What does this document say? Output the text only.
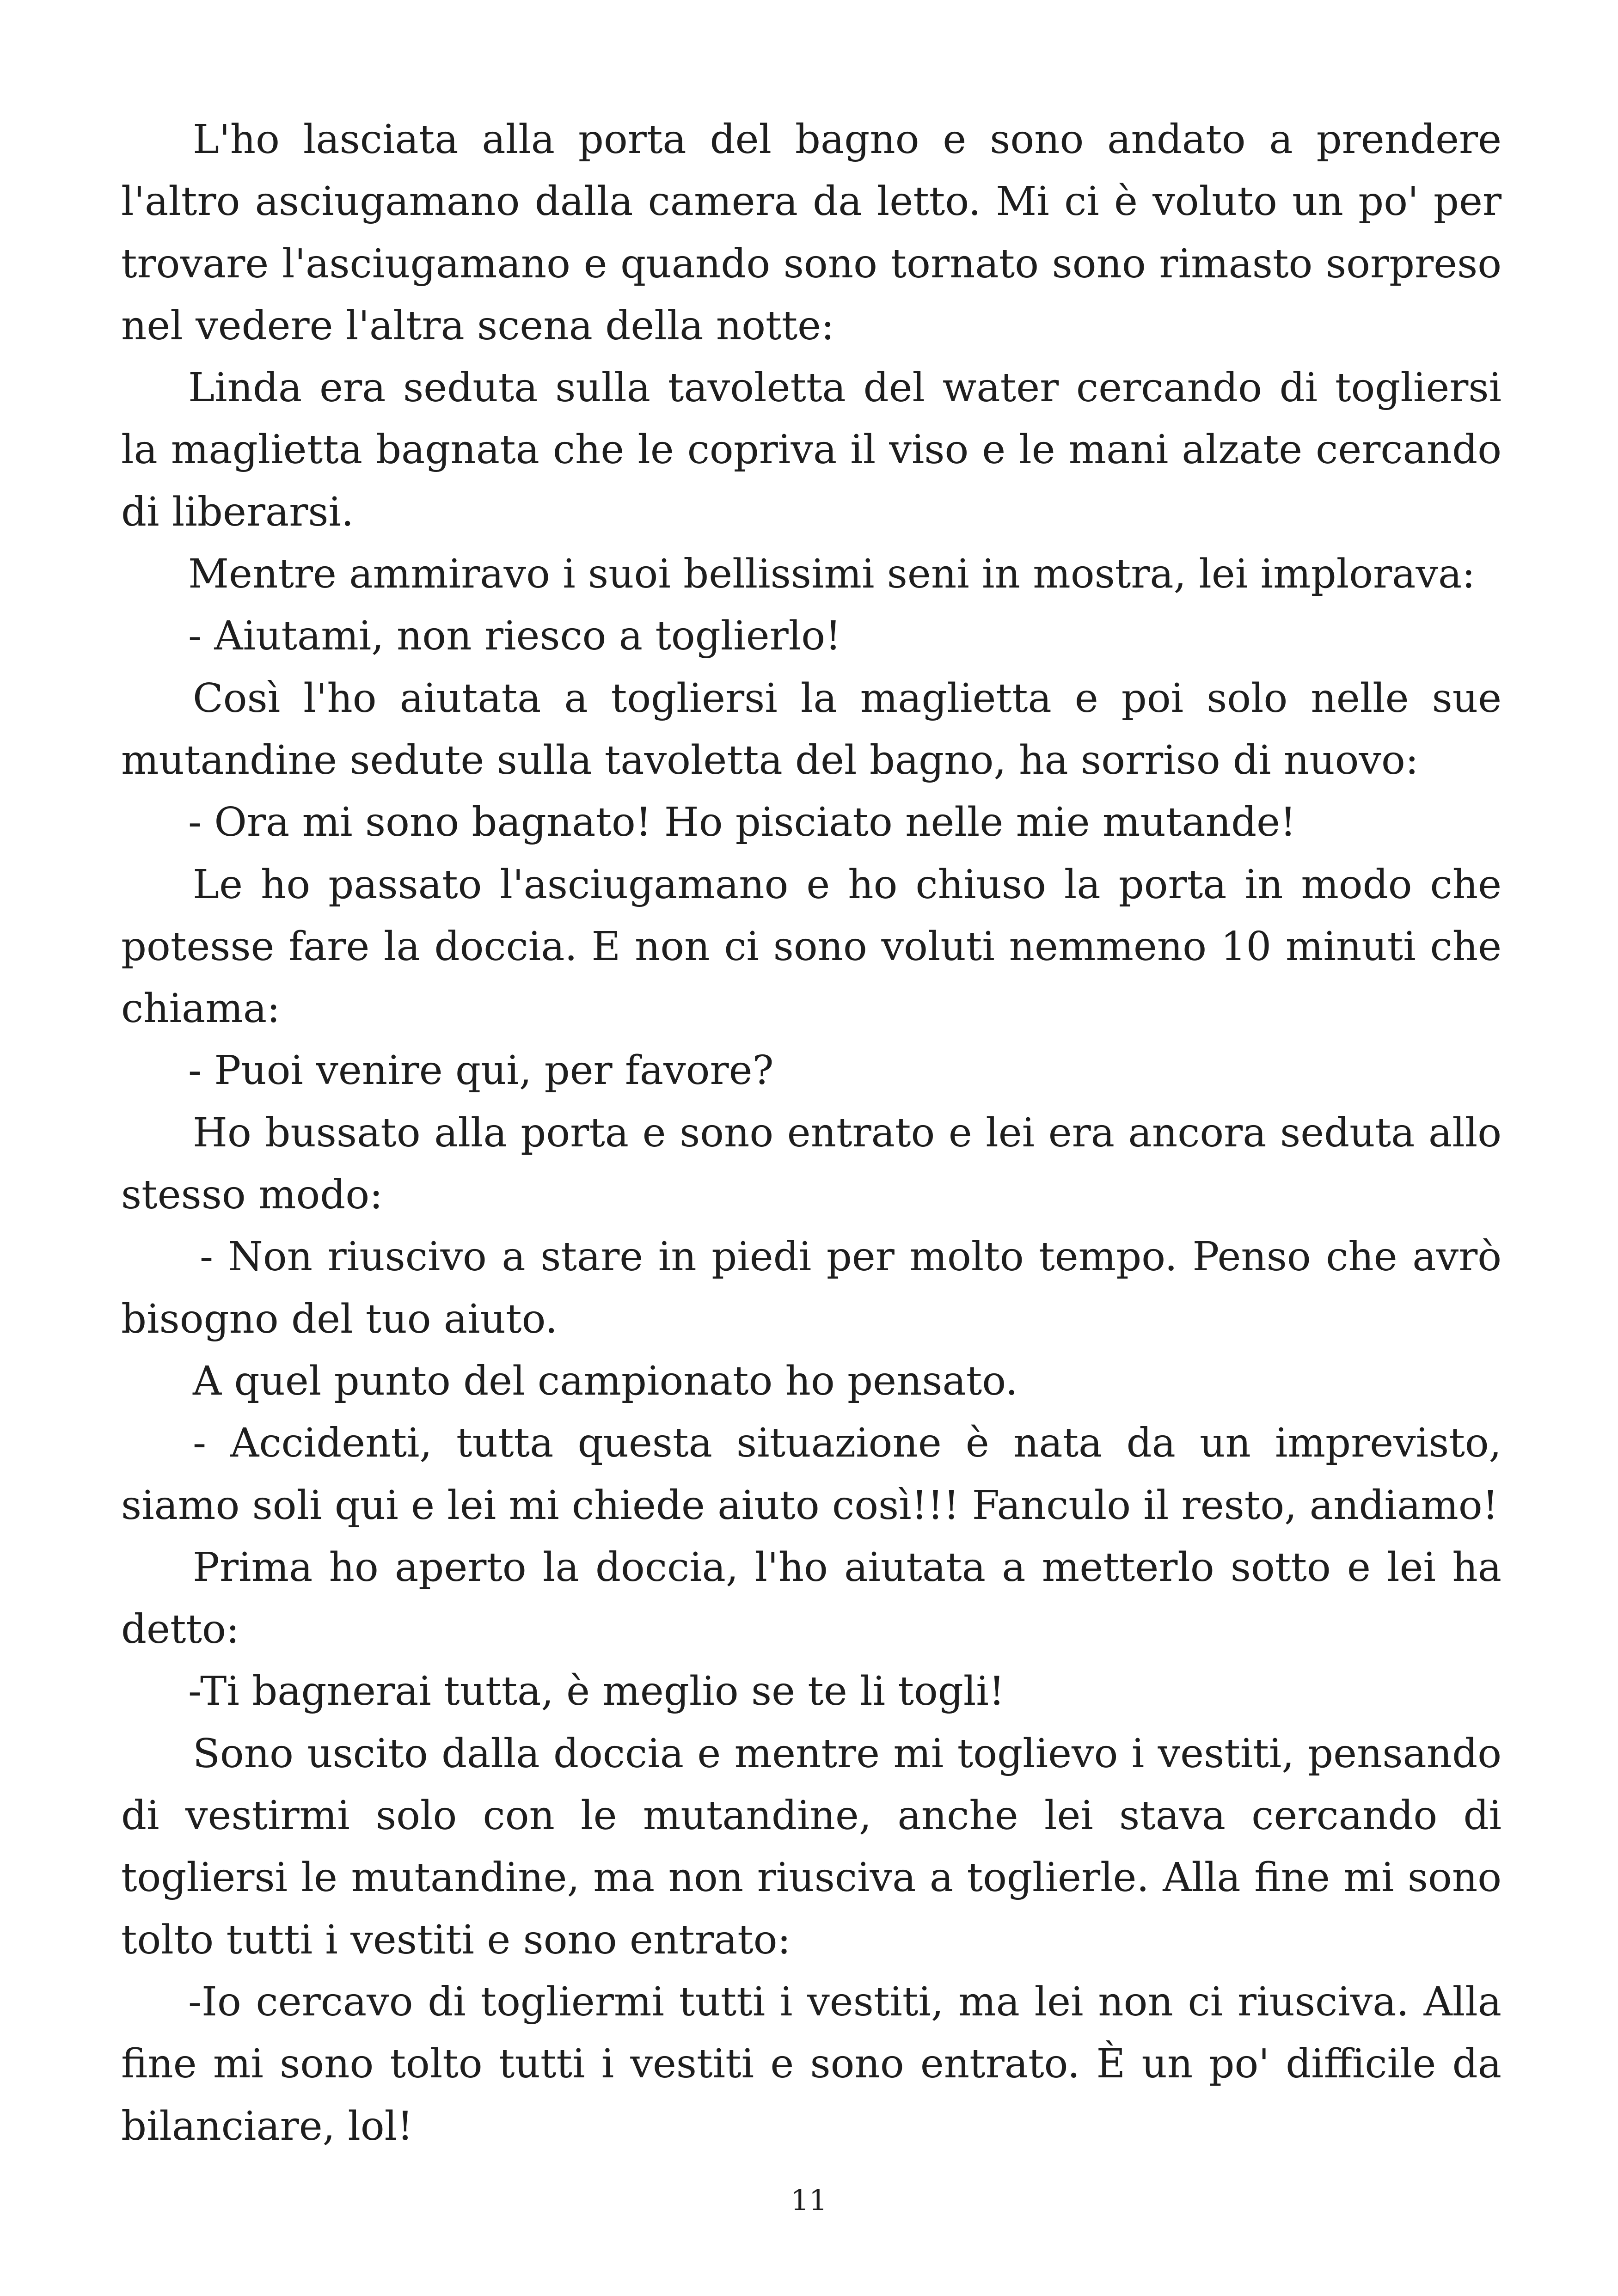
L'ho lasciata alla porta del bagno e sono andato a prendere l'altro asciugamano dalla camera da letto. Mi ci è voluto un po' per trovare l'asciugamano e quando sono tornato sono rimasto sorpreso nel vedere l'altra scena della notte:

Linda era seduta sulla tavoletta del water cercando di togliersi la maglietta bagnata che le copriva il viso e le mani alzate cercando di liberarsi.

Mentre ammiravo i suoi bellissimi seni in mostra, lei implorava:

- Aiutami, non riesco a toglierlo!

Così l'ho aiutata a togliersi la maglietta e poi solo nelle sue mutandine sedute sulla tavoletta del bagno, ha sorriso di nuovo:

- Ora mi sono bagnato! Ho pisciato nelle mie mutande!

Le ho passato l'asciugamano e ho chiuso la porta in modo che potesse fare la doccia. E non ci sono voluti nemmeno 10 minuti che chiama:

- Puoi venire qui, per favore?

Ho bussato alla porta e sono entrato e lei era ancora seduta allo stesso modo:

- Non riuscivo a stare in piedi per molto tempo. Penso che avrò bisogno del tuo aiuto.

A quel punto del campionato ho pensato.

- Accidenti, tutta questa situazione è nata da un imprevisto, siamo soli qui e lei mi chiede aiuto così!!! Fanculo il resto, andiamo!

Prima ho aperto la doccia, l'ho aiutata a metterlo sotto e lei ha detto:

-Ti bagnerai tutta, è meglio se te li togli!

Sono uscito dalla doccia e mentre mi toglievo i vestiti, pensando di vestirmi solo con le mutandine, anche lei stava cercando di togliersi le mutandine, ma non riusciva a toglierle. Alla fine mi sono tolto tutti i vestiti e sono entrato:

-Io cercavo di togliermi tutti i vestiti, ma lei non ci riusciva. Alla fine mi sono tolto tutti i vestiti e sono entrato. È un po' difficile da bilanciare, lol!

11
